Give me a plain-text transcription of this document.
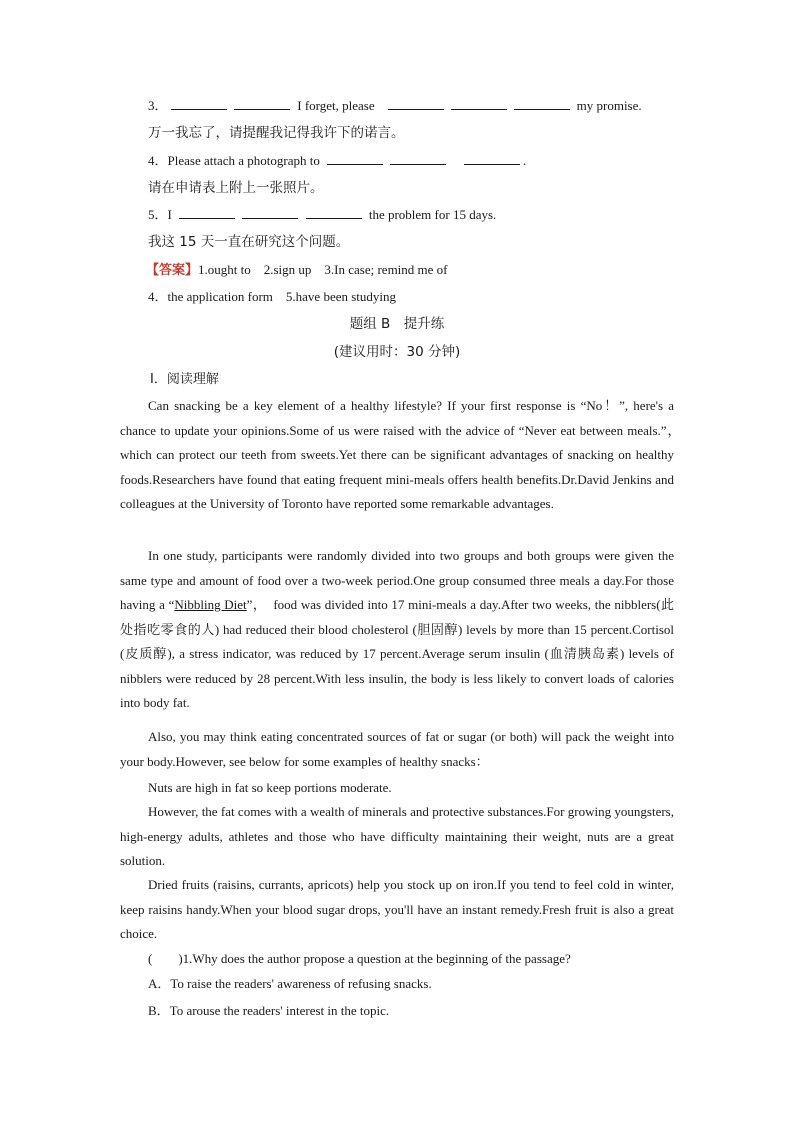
3．	I forget, please	my promise.
万一我忘了，请提醒我记得我许下的诺言。
4．Please attach a photograph to	.
请在申请表上附上一张照片。
5．I	the problem for 15 days.
我这 15 天一直在研究这个问题。
【答案】1.ought to　2.sign up　3.In case; remind me of
4．the application form　5.have been studying
题组 B　提升练
(建议用时：30 分钟)
Ⅰ．阅读理解
Can snacking be a key element of a healthy lifestyle? If your first response is “No！”, here's a chance to update your opinions.Some of us were raised with the advice of “Never eat between meals.”，　which can protect our teeth from sweets.Yet there can be significant advantages of snacking on healthy foods.Researchers have found that eating frequent mini-meals offers health benefits.Dr.David Jenkins and colleagues at the University of Toronto have reported some remarkable advantages.
In one study, participants were randomly divided into two groups and both groups were given the same type and amount of food over a two-week period.One group consumed three meals a day.For those having a “Nibbling Diet”，　food was divided into 17 mini-meals a day.After two weeks, the nibblers(此处指吃零食的人) had reduced their blood cholesterol (胆固醇) levels by more than 15 percent.Cortisol (皮质醇), a stress indicator, was reduced by 17 percent.Average serum insulin (血清胰岛素) levels of nibblers were reduced by 28 percent.With less insulin, the body is less likely to convert loads of calories into body fat.
Also, you may think eating concentrated sources of fat or sugar (or both) will pack the weight into your body.However, see below for some examples of healthy snacks：
Nuts are high in fat so keep portions moderate.
However, the fat comes with a wealth of minerals and protective substances.For growing youngsters, high-energy adults, athletes and those who have difficulty maintaining their weight, nuts are a great solution.
Dried fruits (raisins, currants, apricots) help you stock up on iron.If you tend to feel cold in winter, keep raisins handy.When your blood sugar drops, you'll have an instant remedy.Fresh fruit is also a great choice.
(　　)1.Why does the author propose a question at the beginning of the passage?
A．To raise the readers' awareness of refusing snacks.
B．To arouse the readers' interest in the topic.
